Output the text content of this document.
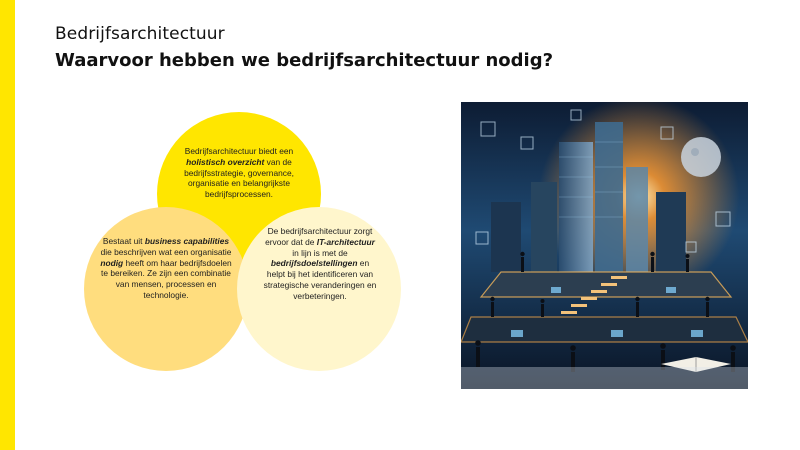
Bedrijfsarchitectuur
Waarvoor hebben we bedrijfsarchitectuur nodig?
Bedrijfsarchitectuur biedt een holistisch overzicht van de bedrijfsstrategie, governance, organisatie en belangrijkste bedrijfsprocessen.
Bestaat uit business capabilities die beschrijven wat een organisatie nodig heeft om haar bedrijfsdoelen te bereiken. Ze zijn een combinatie van mensen, processen en technologie.
De bedrijfsarchitectuur zorgt ervoor dat de IT-architectuur in lijn is met de bedrijfsdoelstellingen en helpt bij het identificeren van strategische veranderingen en verbeteringen.
